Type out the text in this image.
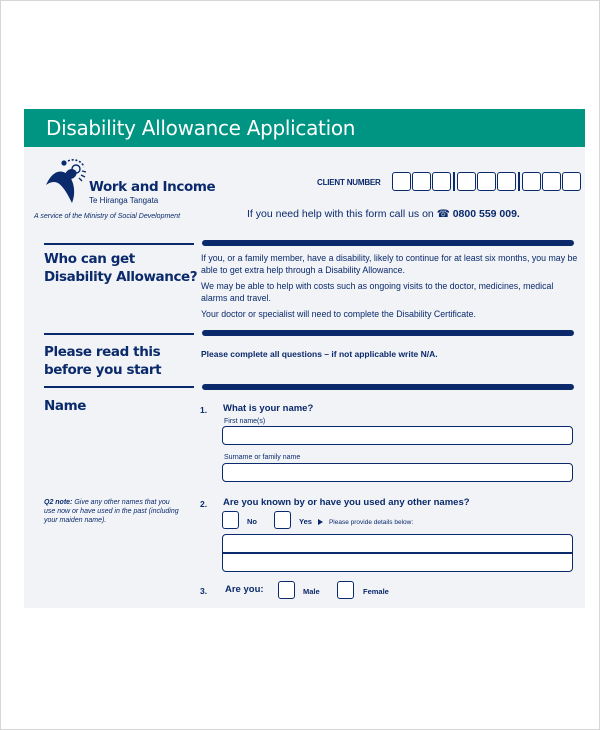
Disability Allowance Application
Work and Income
Te Hiranga Tangata
A service of the Ministry of Social Development
CLIENT NUMBER
If you need help with this form call us on ☎ 0800 559 009.
Who can get
Disability Allowance?

If you, or a family member, have a disability, likely to continue for at least six months, you may be able to get extra help through a Disability Allowance.

We may be able to help with costs such as ongoing visits to the doctor, medicines, medical alarms and travel.

Your doctor or specialist will need to complete the Disability Certificate.

Please read this
before you start
Please complete all questions – if not applicable write N/A.
Name	1. What is your name?
First name(s)
Surname or family name
Q2 note: Give any other names that you use now or have used in the past (including your maiden name).
2. Are you known by or have you used any other names?
No	Yes	Please provide details below:
3. Are you:	Male	Female
